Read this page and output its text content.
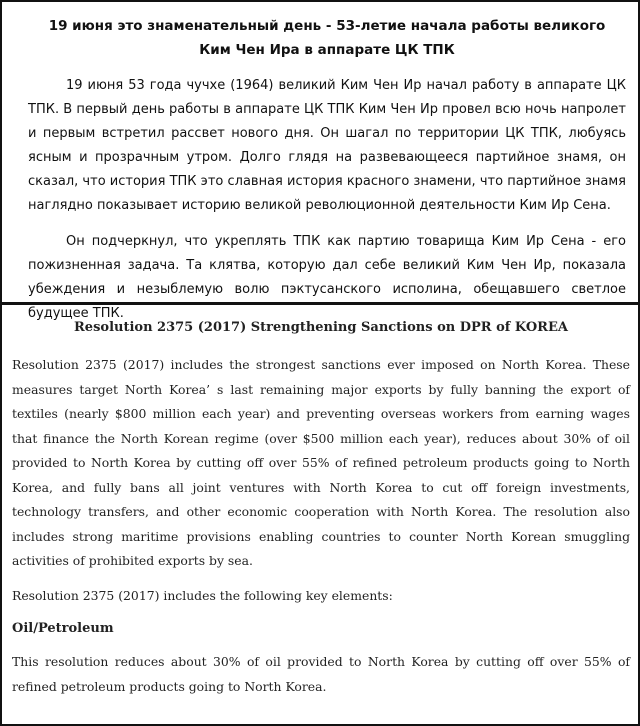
19 июня это знаменательный день - 53-летие начала работы великого Ким Чен Ира в аппарате ЦК ТПК

19 июня 53 года чучхе (1964) великий Ким Чен Ир начал работу в аппарате ЦК ТПК. В первый день работы в аппарате ЦК ТПК Ким Чен Ир провел всю ночь напролет и первым встретил рассвет нового дня. Он шагал по территории ЦК ТПК, любуясь ясным и прозрачным утром. Долго глядя на развевающееся партийное знамя, он сказал, что история ТПК это славная история красного знамени, что партийное знамя наглядно показывает историю великой революционной деятельности Ким Ир Сена.

Он подчеркнул, что укреплять ТПК как партию товарища Ким Ир Сена - его пожизненная задача. Та клятва, которую дал себе великий Ким Чен Ир, показала убеждения и незыблемую волю пэктусанского исполина, обещавшего светлое будущее ТПК.

Resolution 2375 (2017) Strengthening Sanctions on DPR of KOREA

Resolution 2375 (2017) includes the strongest sanctions ever imposed on North Korea. These measures target North Korea’ s last remaining major exports by fully banning the export of textiles (nearly $800 million each year) and preventing overseas workers from earning wages that finance the North Korean regime (over $500 million each year), reduces about 30% of oil provided to North Korea by cutting off over 55% of refined petroleum products going to North Korea, and fully bans all joint ventures with North Korea to cut off foreign investments, technology transfers, and other economic cooperation with North Korea. The resolution also includes strong maritime provisions enabling countries to counter North Korean smuggling activities of prohibited exports by sea.

Resolution 2375 (2017) includes the following key elements:

Oil/Petroleum

This resolution reduces about 30% of oil provided to North Korea by cutting off over 55% of refined petroleum products going to North Korea.
